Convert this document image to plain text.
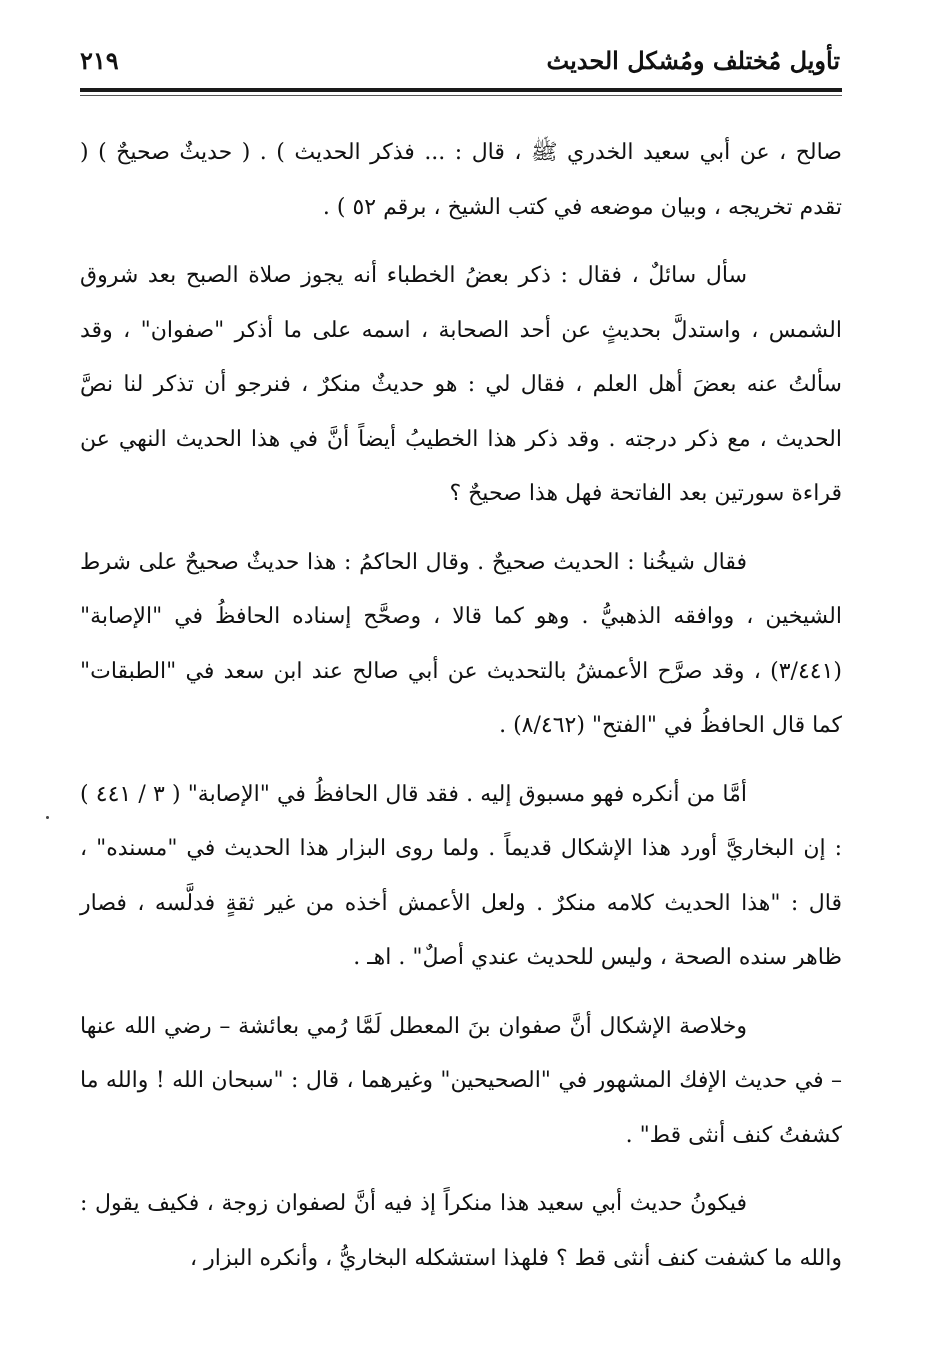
تأويل مُختلف ومُشكل الحديث
٢١٩

صالح ، عن أبي سعيد الخدري ﷺ ، قال : ... فذكر الحديث ) . ( حديثٌ صحيحٌ ) ( تقدم تخريجه ، وبيان موضعه في كتب الشيخ ، برقم ٥٢ ) .

سأل سائلٌ ، فقال : ذكر بعضُ الخطباء أنه يجوز صلاة الصبح بعد شروق الشمس ، واستدلَّ بحديثٍ عن أحد الصحابة ، اسمه على ما أذكر "صفوان" ، وقد سألتُ عنه بعضَ أهل العلم ، فقال لي : هو حديثٌ منكرٌ ، فنرجو أن تذكر لنا نصَّ الحديث ، مع ذكر درجته . وقد ذكر هذا الخطيبُ أيضاً أنَّ في هذا الحديث النهي عن قراءة سورتين بعد الفاتحة فهل هذا صحيحٌ ؟

فقال شيخُنا : الحديث صحيحٌ . وقال الحاكمُ : هذا حديثٌ صحيحٌ على شرط الشيخين ، ووافقه الذهبيُّ . وهو كما قالا ، وصحَّح إسناده الحافظُ في "الإصابة" (٣/٤٤١) ، وقد صرَّح الأعمشُ بالتحديث عن أبي صالح عند ابن سعد في "الطبقات" كما قال الحافظُ في "الفتح" (٨/٤٦٢) .

أمَّا من أنكره فهو مسبوق إليه . فقد قال الحافظُ في "الإصابة" ( ٣ / ٤٤١ ) : إن البخاريَّ أورد هذا الإشكال قديماً . ولما روى البزار هذا الحديث في "مسنده" ، قال : "هذا الحديث كلامه منكرٌ . ولعل الأعمش أخذه من غير ثقةٍ فدلَّسه ، فصار ظاهر سنده الصحة ، وليس للحديث عندي أصلٌ" . اهـ .

وخلاصة الإشكال أنَّ صفوان بنَ المعطل لَمَّا رُمي بعائشة – رضي الله عنها – في حديث الإفك المشهور في "الصحيحين" وغيرهما ، قال : "سبحان الله ! والله ما كشفتُ كنف أنثى قط" .

فيكونُ حديث أبي سعيد هذا منكراً إذ فيه أنَّ لصفوان زوجة ، فكيف يقول : والله ما كشفت كنف أنثى قط ؟ فلهذا استشكله البخاريُّ ، وأنكره البزار ،
